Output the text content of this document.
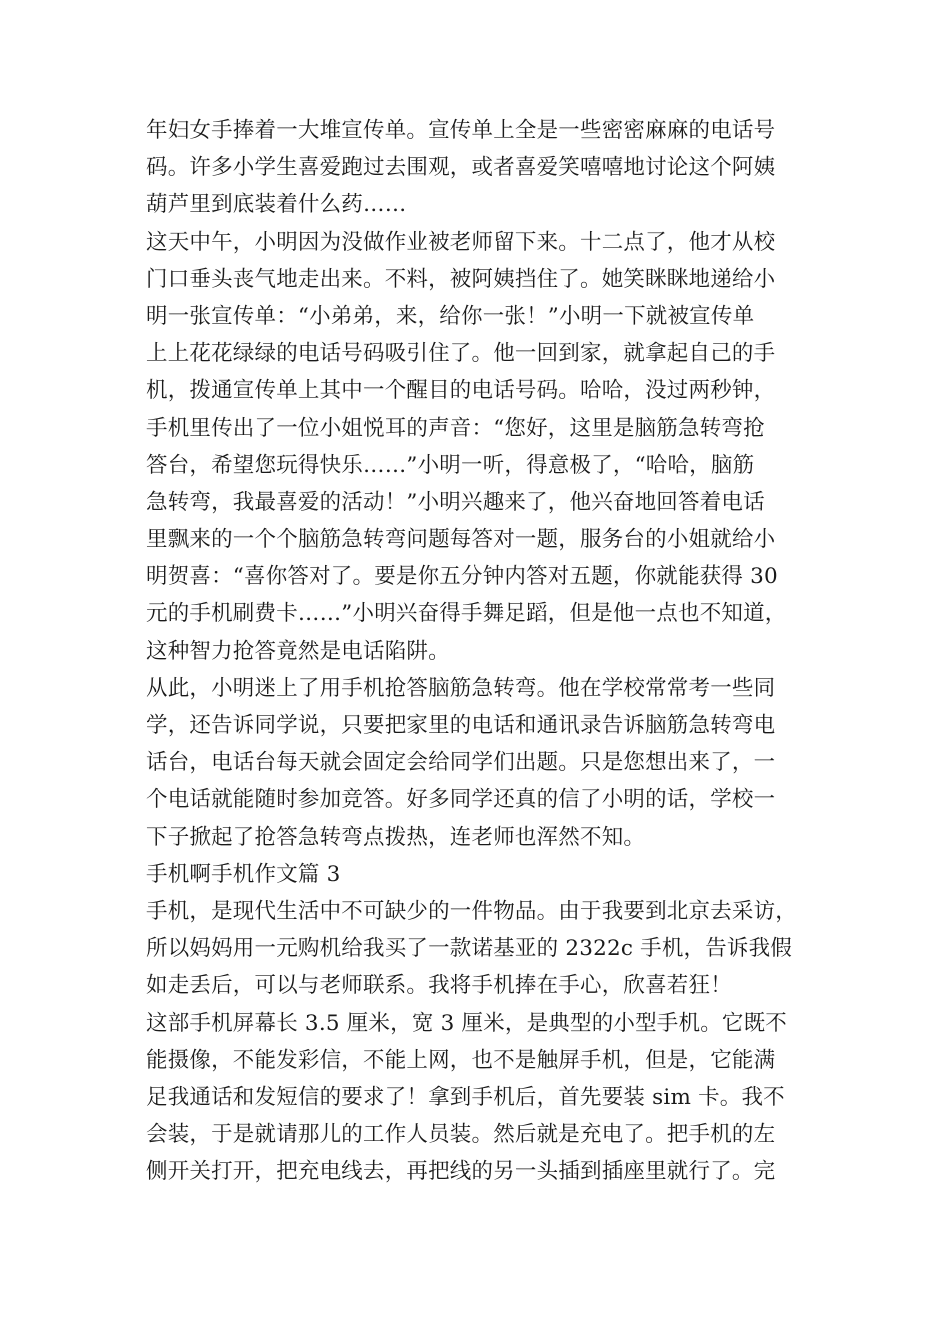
年妇女手捧着一大堆宣传单。宣传单上全是一些密密麻麻的电话号
码。许多小学生喜爱跑过去围观，或者喜爱笑嘻嘻地讨论这个阿姨
葫芦里到底装着什么药……
这天中午，小明因为没做作业被老师留下来。十二点了，他才从校
门口垂头丧气地走出来。不料，被阿姨挡住了。她笑眯眯地递给小
明一张宣传单：“小弟弟，来，给你一张！”小明一下就被宣传单
上上花花绿绿的电话号码吸引住了。他一回到家，就拿起自己的手
机，拨通宣传单上其中一个醒目的电话号码。哈哈，没过两秒钟，
手机里传出了一位小姐悦耳的声音：“您好，这里是脑筋急转弯抢
答台，希望您玩得快乐……”小明一听，得意极了，“哈哈，脑筋
急转弯，我最喜爱的活动！”小明兴趣来了，他兴奋地回答着电话
里飘来的一个个脑筋急转弯问题每答对一题，服务台的小姐就给小
明贺喜：“喜你答对了。要是你五分钟内答对五题，你就能获得 30
元的手机刷费卡……”小明兴奋得手舞足蹈，但是他一点也不知道，
这种智力抢答竟然是电话陷阱。
从此，小明迷上了用手机抢答脑筋急转弯。他在学校常常考一些同
学，还告诉同学说，只要把家里的电话和通讯录告诉脑筋急转弯电
话台，电话台每天就会固定会给同学们出题。只是您想出来了，一
个电话就能随时参加竞答。好多同学还真的信了小明的话，学校一
下子掀起了抢答急转弯点拨热，连老师也浑然不知。
手机啊手机作文篇 3
手机，是现代生活中不可缺少的一件物品。由于我要到北京去采访，
所以妈妈用一元购机给我买了一款诺基亚的 2322c 手机，告诉我假
如走丢后，可以与老师联系。我将手机捧在手心，欣喜若狂！
这部手机屏幕长 3.5 厘米，宽 3 厘米，是典型的小型手机。它既不
能摄像，不能发彩信，不能上网，也不是触屏手机，但是，它能满
足我通话和发短信的要求了！拿到手机后，首先要装 sim 卡。我不
会装，于是就请那儿的工作人员装。然后就是充电了。把手机的左
侧开关打开，把充电线去，再把线的另一头插到插座里就行了。完
